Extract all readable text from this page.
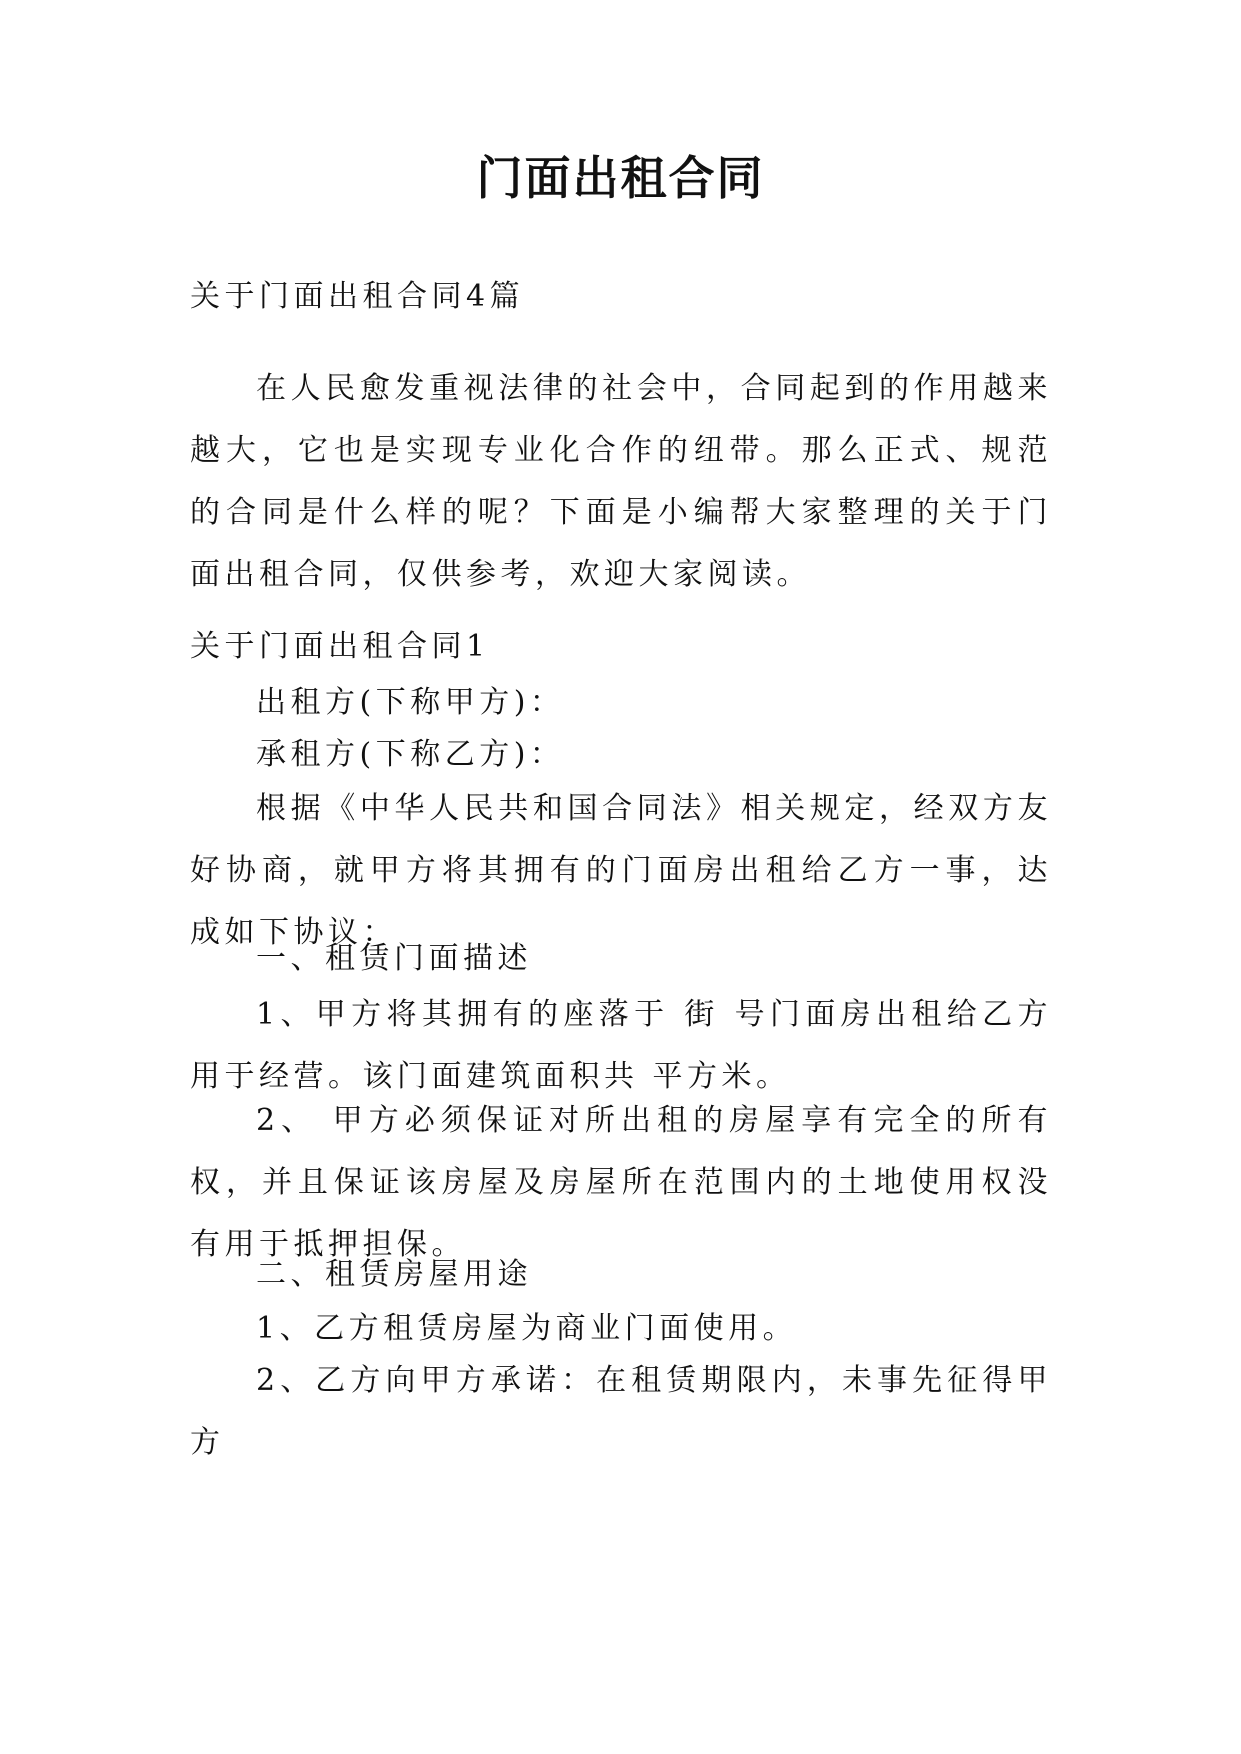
门面出租合同

关于门面出租合同4篇

在人民愈发重视法律的社会中，合同起到的作用越来越大，它也是实现专业化合作的纽带。那么正式、规范的合同是什么样的呢？下面是小编帮大家整理的关于门面出租合同，仅供参考，欢迎大家阅读。

关于门面出租合同1

出租方(下称甲方)：

承租方(下称乙方)：

根据《中华人民共和国合同法》相关规定，经双方友好协商，就甲方将其拥有的门面房出租给乙方一事，达成如下协议：

一、租赁门面描述

1、甲方将其拥有的座落于 街 号门面房出租给乙方用于经营。该门面建筑面积共 平方米。

2、 甲方必须保证对所出租的房屋享有完全的所有权，并且保证该房屋及房屋所在范围内的土地使用权没有用于抵押担保。

二、租赁房屋用途

1、乙方租赁房屋为商业门面使用。

2、乙方向甲方承诺：在租赁期限内，未事先征得甲方
